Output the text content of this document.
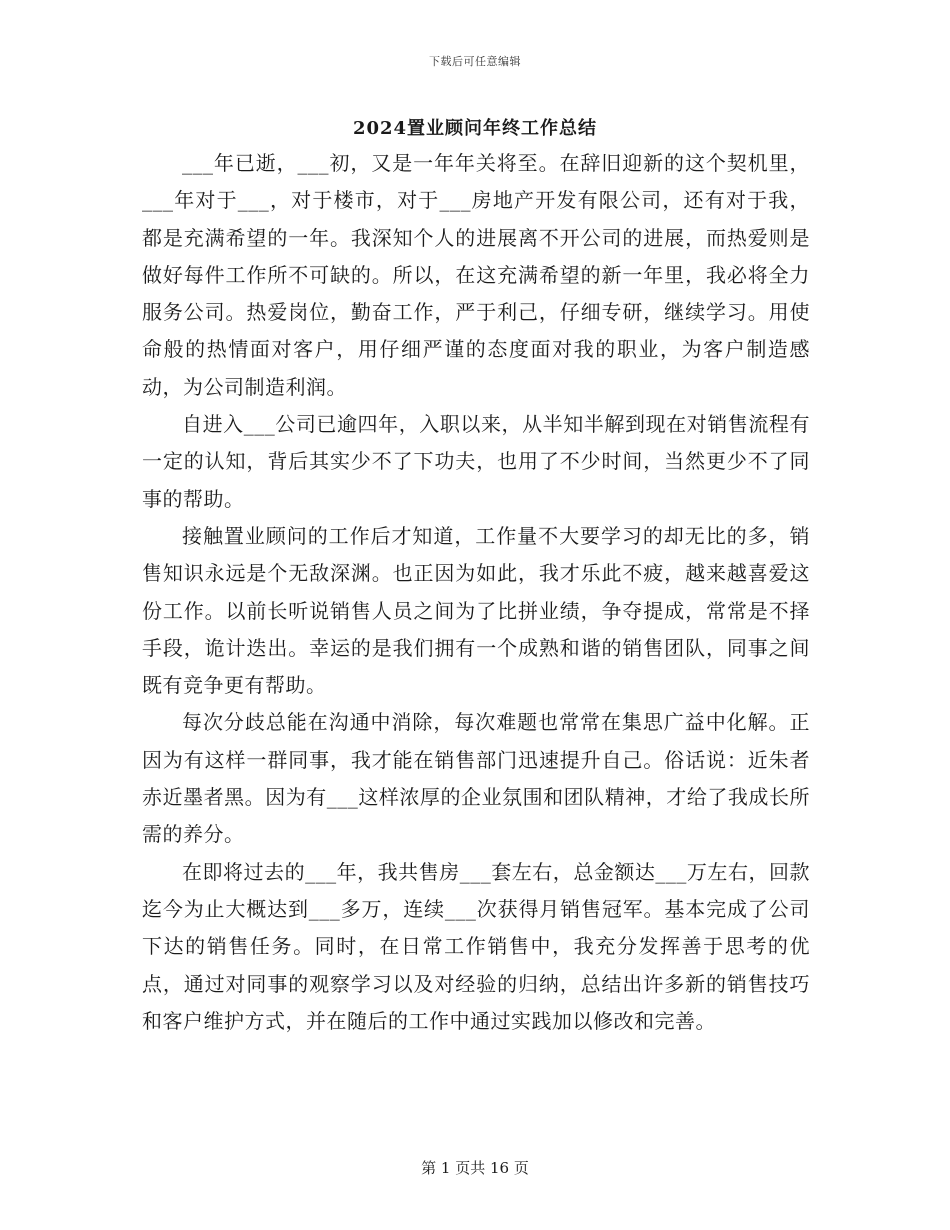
下载后可任意编辑
2024置业顾问年终工作总结

___年已逝，___初，又是一年年关将至。在辞旧迎新的这个契机里，___年对于___，对于楼市，对于___房地产开发有限公司，还有对于我，都是充满希望的一年。我深知个人的进展离不开公司的进展，而热爱则是做好每件工作所不可缺的。所以，在这充满希望的新一年里，我必将全力服务公司。热爱岗位，勤奋工作，严于利己，仔细专研，继续学习。用使命般的热情面对客户，用仔细严谨的态度面对我的职业，为客户制造感动，为公司制造利润。

自进入___公司已逾四年，入职以来，从半知半解到现在对销售流程有一定的认知，背后其实少不了下功夫，也用了不少时间，当然更少不了同事的帮助。

接触置业顾问的工作后才知道，工作量不大要学习的却无比的多，销售知识永远是个无敌深渊。也正因为如此，我才乐此不疲，越来越喜爱这份工作。以前长听说销售人员之间为了比拼业绩，争夺提成，常常是不择手段，诡计迭出。幸运的是我们拥有一个成熟和谐的销售团队，同事之间既有竞争更有帮助。

每次分歧总能在沟通中消除，每次难题也常常在集思广益中化解。正因为有这样一群同事，我才能在销售部门迅速提升自己。俗话说：近朱者赤近墨者黑。因为有___这样浓厚的企业氛围和团队精神，才给了我成长所需的养分。

在即将过去的___年，我共售房___套左右，总金额达___万左右，回款迄今为止大概达到___多万，连续___次获得月销售冠军。基本完成了公司下达的销售任务。同时，在日常工作销售中，我充分发挥善于思考的优点，通过对同事的观察学习以及对经验的归纳，总结出许多新的销售技巧和客户维护方式，并在随后的工作中通过实践加以修改和完善。

第 1 页共 16 页
